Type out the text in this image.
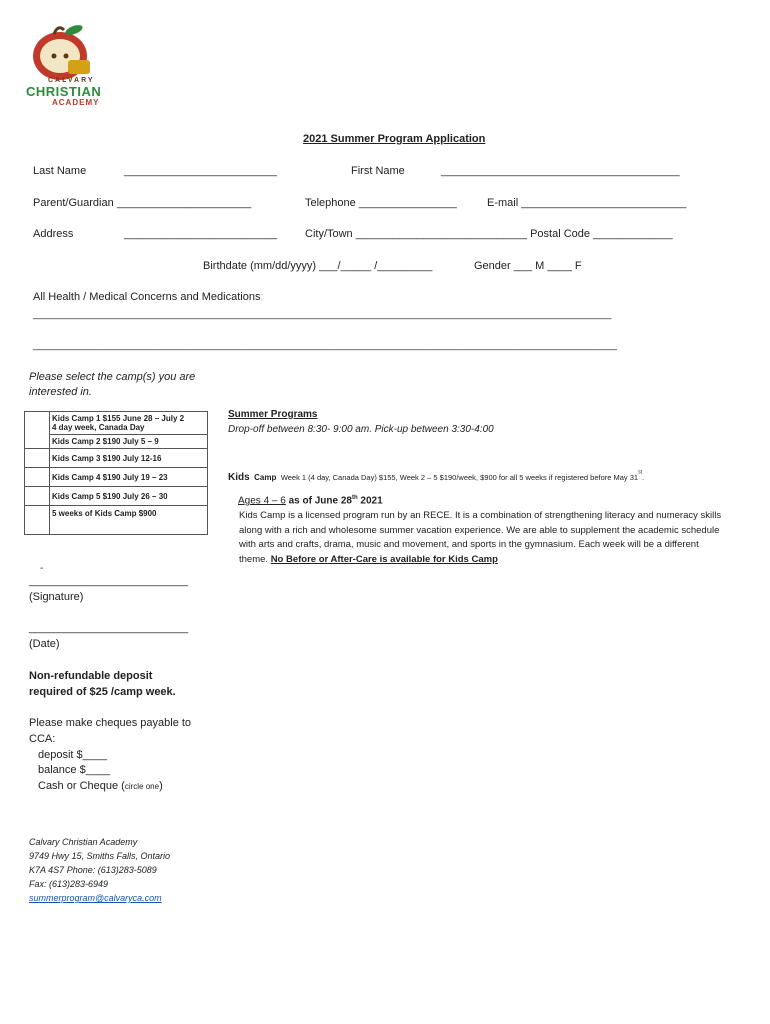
CALVARY
CHRISTIAN
ACADEMY
2021 Summer Program Application
Last Name	_________________________	First Name	_______________________________________
Parent/Guardian ______________________	Telephone ________________	E-mail ___________________________
Address	_________________________	City/Town ____________________________ Postal Code _____________
Birthdate (mm/dd/yyyy) ___/_____ /_________	Gender ___ M ____ F
All Health / Medical Concerns and Medications:
________________________________________________________________________________________________________
_________________________________________________________________________________________________________
Please select the camp(s) you are
interested in.

	Kids Camp 1 $155 June 28 – July 2
4 day week, Canada Day
Kids Camp 2 $190 July 5 – 9

	Kids Camp 3 $190 July 12-16
	Kids Camp 4 $190 July 19 – 23
	Kids Camp 5 $190 July 26 – 30
	5 weeks of Kids Camp $900
Summer Programs
Drop-off between 8:30- 9:00 am. Pick-up between 3:30-4:00
Kids Camp Week 1 (4 day, Canada Day) $155, Week 2 – 5 $190/week, $900 for all 5 weeks if registered before May 31st.
Ages 4 – 6 as of June 28th 2021
Kids Camp is a licensed program run by an RECE. It is a combination of strengthening literacy and numeracy skills along with a rich and wholesome summer vacation experience. We are able to supplement the academic schedule with arts and crafts, drama, music and movement, and sports in the gymnasium. Each week will be a different theme. No Before or After-Care is available for Kids Camp
-
__________________________
(Signature)
__________________________
(Date)
Non-refundable deposit
required of $25 /camp week.
Please make cheques payable to
CCA:
deposit $____
balance $____
Cash or Cheque (circle one)
Calvary Christian Academy
9749 Hwy 15, Smiths Falls, Ontario
K7A 4S7 Phone: (613)283-5089
Fax: (613)283-6949
summerprogram@calvaryca.com
